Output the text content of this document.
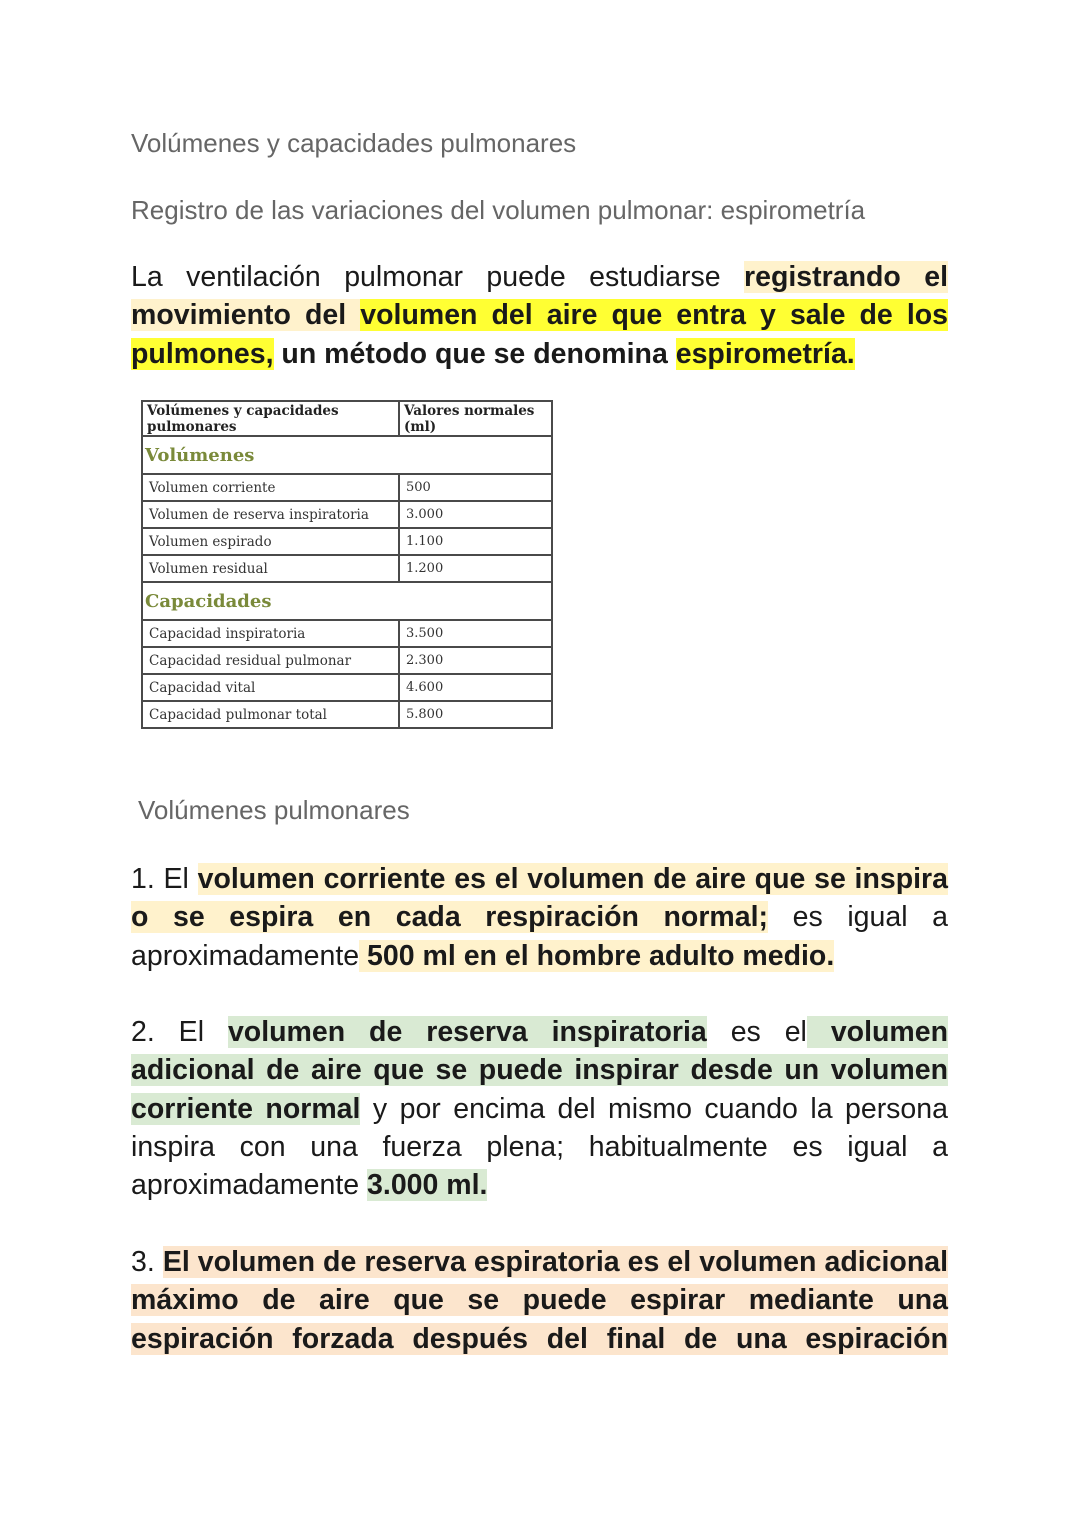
Volúmenes y capacidades pulmonares
Registro de las variaciones del volumen pulmonar: espirometría

La ventilación pulmonar puede estudiarse registrando el movimiento del volumen del aire que entra y sale de los pulmones, un método que se denomina espirometría.

Volúmenes y capacidades pulmonares	Valores normales (ml)
Volúmenes	
Volumen corriente	500
Volumen de reserva inspiratoria	3.000
Volumen espirado	1.100
Volumen residual	1.200
Capacidades	
Capacidad inspiratoria	3.500
Capacidad residual pulmonar	2.300
Capacidad vital	4.600
Capacidad pulmonar total	5.800
Volúmenes pulmonares

1. El volumen corriente es el volumen de aire que se inspira o se espira en cada respiración normal; es igual a aproximadamente 500 ml en el hombre adulto medio.

2. El volumen de reserva inspiratoria es el volumen adicional de aire que se puede inspirar desde un volumen corriente normal y por encima del mismo cuando la persona inspira con una fuerza plena; habitualmente es igual a aproximadamente 3.000 ml.

3. El volumen de reserva espiratoria es el volumen adicional máximo de aire que se puede espirar mediante una espiración forzada después del final de una espiración
